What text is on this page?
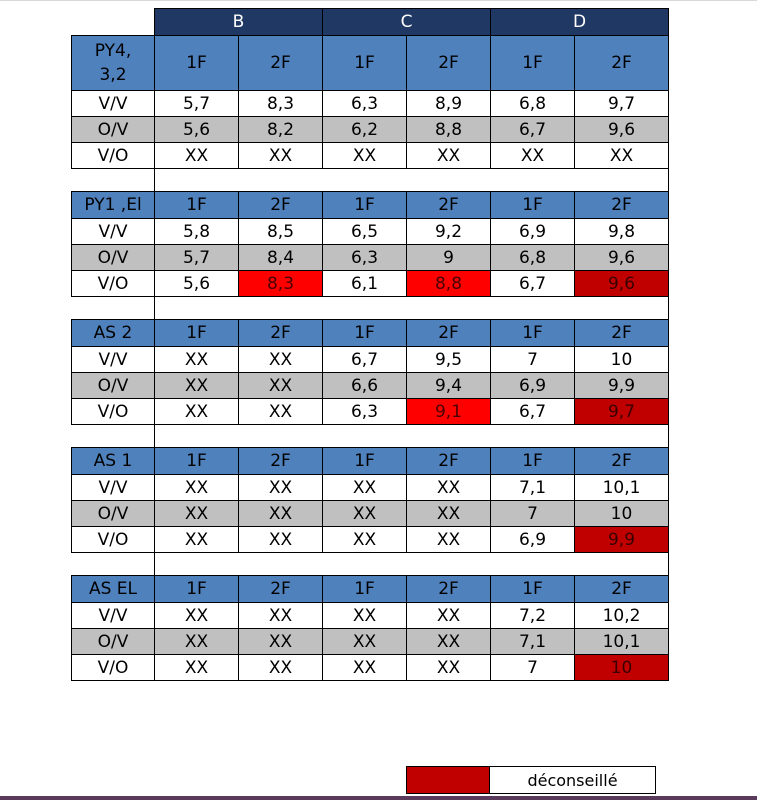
	B		C		D	

PY4,
3,2	1F	2F	1F	2F	1F	2F
V/V	5,7	8,3	6,3	8,9	6,8	9,7
O/V	5,6	8,2	6,2	8,8	6,7	9,6
V/O	XX	XX	XX	XX	XX	XX

PY1 ,El	1F	2F	1F	2F	1F	2F
V/V	5,8	8,5	6,5	9,2	6,9	9,8
O/V	5,7	8,4	6,3	9	6,8	9,6
V/O	5,6	8,3	6,1	8,8	6,7	9,6

AS 2	1F	2F	1F	2F	1F	2F
V/V	XX	XX	6,7	9,5	7	10
O/V	XX	XX	6,6	9,4	6,9	9,9
V/O	XX	XX	6,3	9,1	6,7	9,7

AS 1	1F	2F	1F	2F	1F	2F
V/V	XX	XX	XX	XX	7,1	10,1
O/V	XX	XX	XX	XX	7	10
V/O	XX	XX	XX	XX	6,9	9,9

AS EL	1F	2F	1F	2F	1F	2F
V/V	XX	XX	XX	XX	7,2	10,2
O/V	XX	XX	XX	XX	7,1	10,1
V/O	XX	XX	XX	XX	7	10
	déconseillé
